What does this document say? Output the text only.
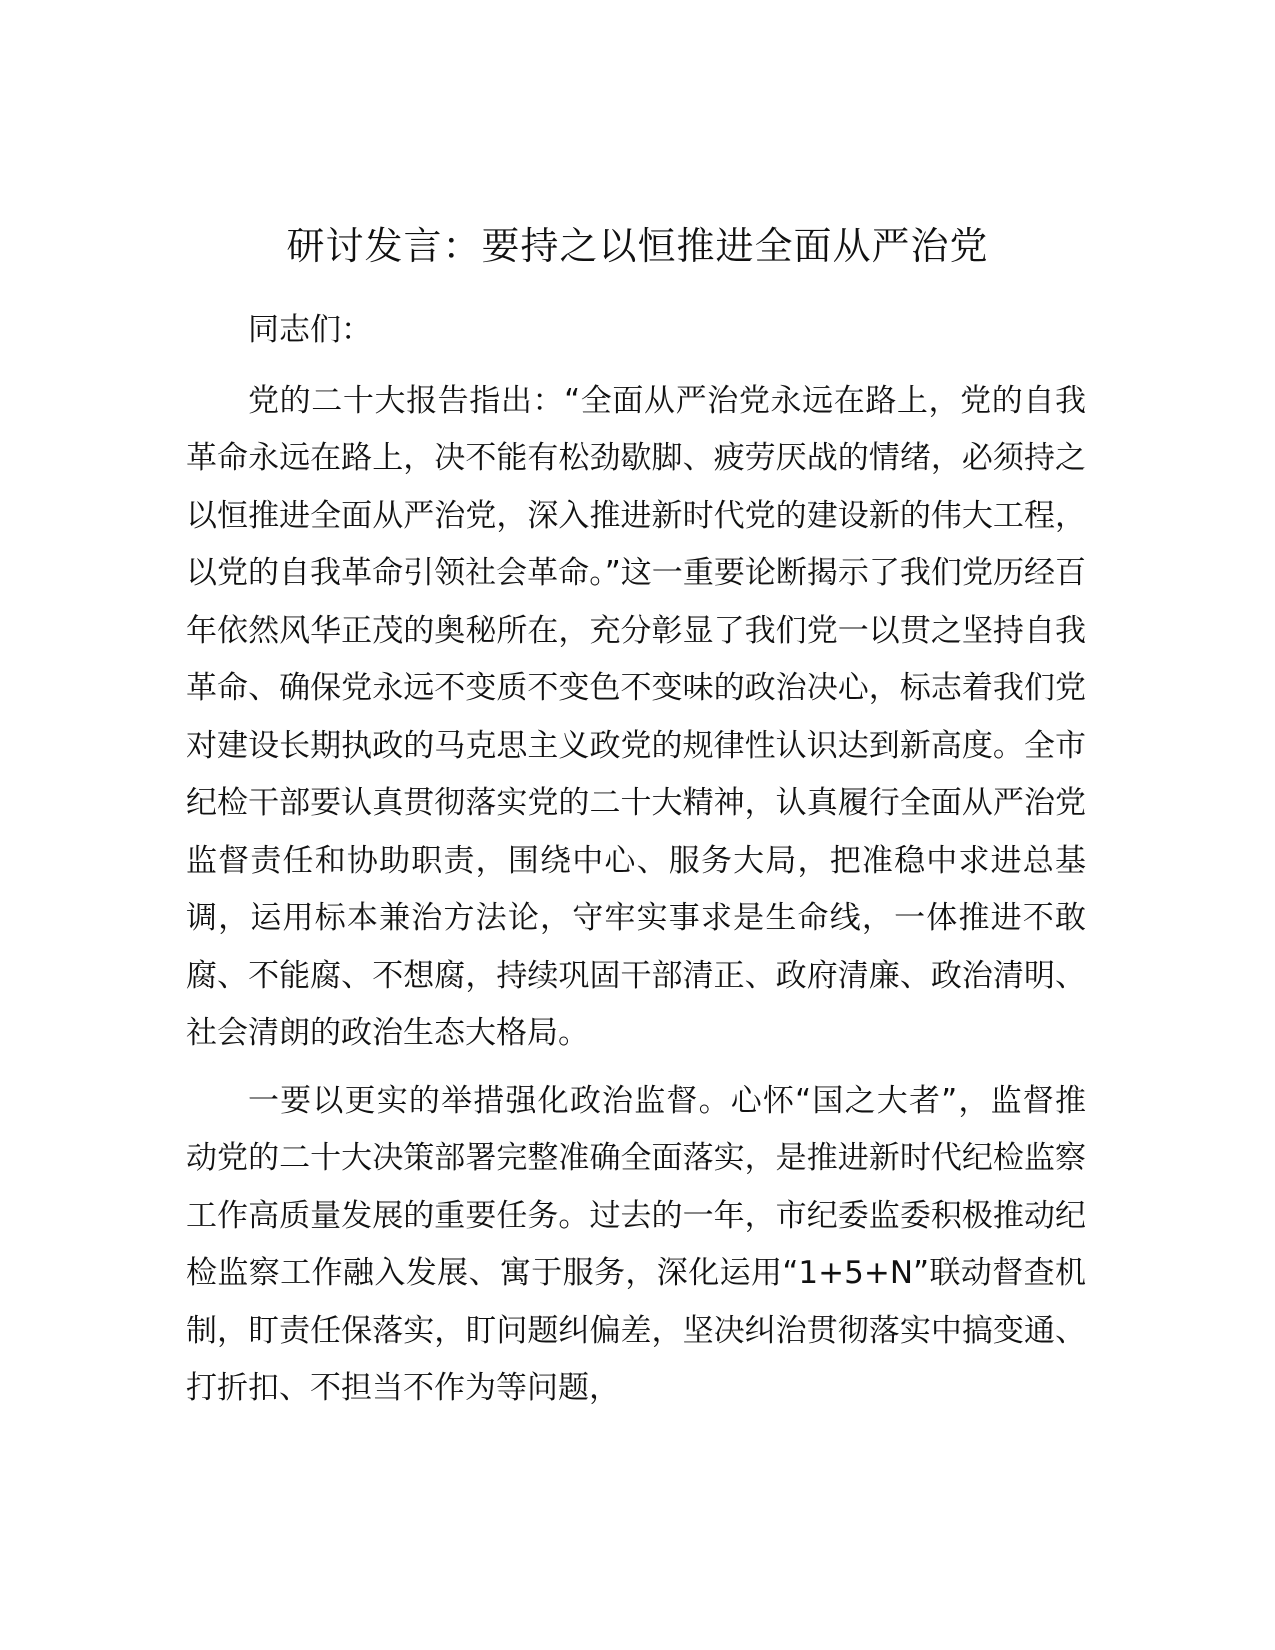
研讨发言：要持之以恒推进全面从严治党

同志们：

党的二十大报告指出：“全面从严治党永远在路上，党的自我革命永远在路上，决不能有松劲歇脚、疲劳厌战的情绪，必须持之以恒推进全面从严治党，深入推进新时代党的建设新的伟大工程，以党的自我革命引领社会革命。”这一重要论断揭示了我们党历经百年依然风华正茂的奥秘所在，充分彰显了我们党一以贯之坚持自我革命、确保党永远不变质不变色不变味的政治决心，标志着我们党对建设长期执政的马克思主义政党的规律性认识达到新高度。全市纪检干部要认真贯彻落实党的二十大精神，认真履行全面从严治党监督责任和协助职责，围绕中心、服务大局，把准稳中求进总基调，运用标本兼治方法论，守牢实事求是生命线，一体推进不敢腐、不能腐、不想腐，持续巩固干部清正、政府清廉、政治清明、社会清朗的政治生态大格局。

一要以更实的举措强化政治监督。心怀“国之大者”，监督推动党的二十大决策部署完整准确全面落实，是推进新时代纪检监察工作高质量发展的重要任务。过去的一年，市纪委监委积极推动纪检监察工作融入发展、寓于服务，深化运用“1+5+N”联动督查机制，盯责任保落实，盯问题纠偏差，坚决纠治贯彻落实中搞变通、打折扣、不担当不作为等问题，
